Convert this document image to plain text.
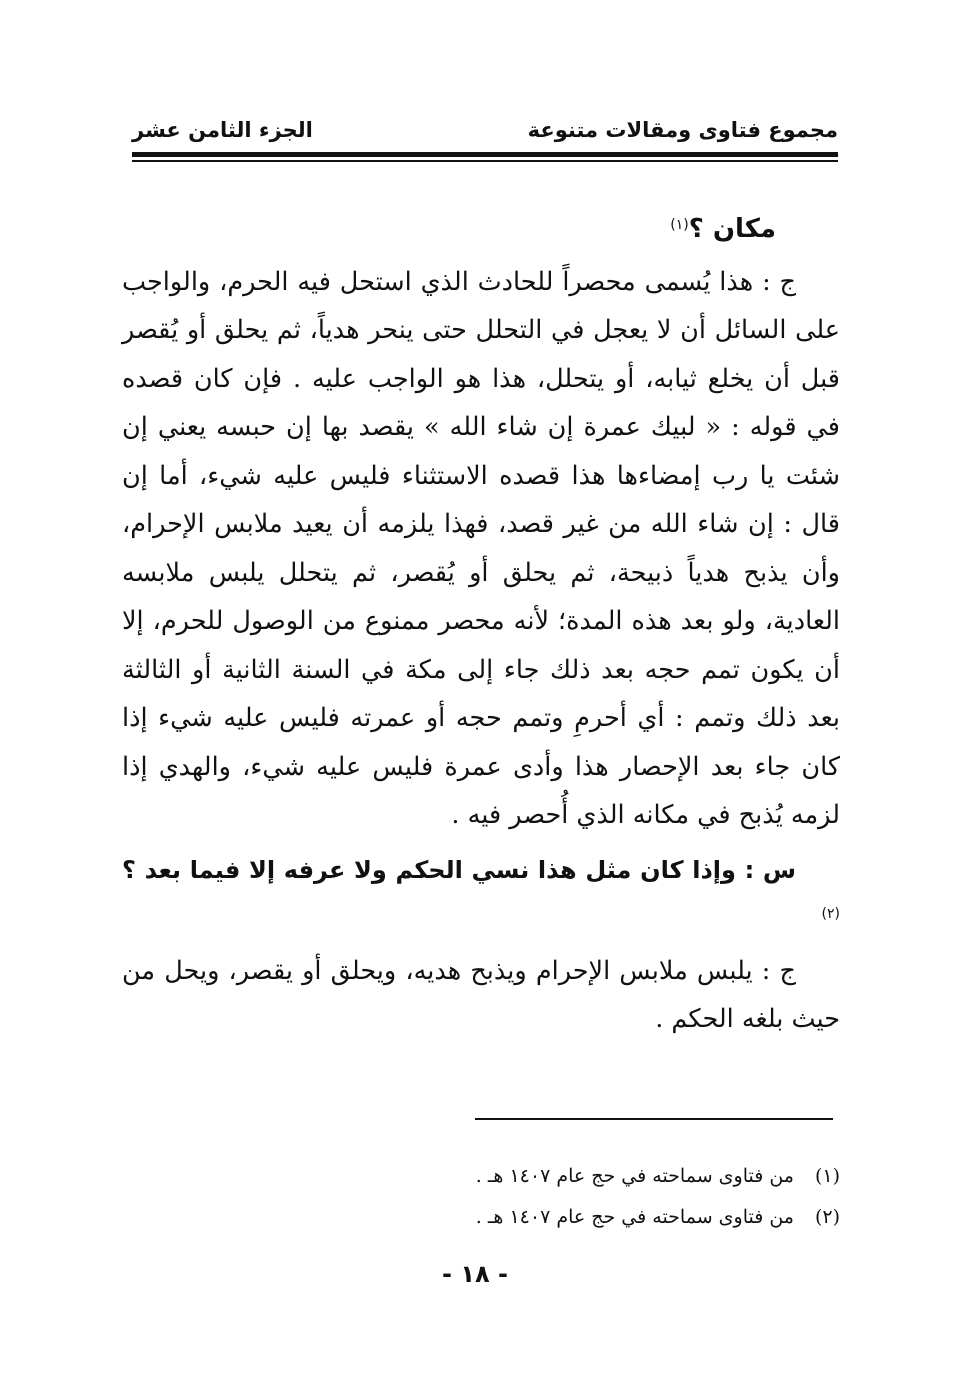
مجموع فتاوى ومقالات متنوعة
الجزء الثامن عشر

مكان ؟$^{(١)}$

ج : هذا يُسمى محصراً للحادث الذي استحل فيه الحرم، والواجب على السائل أن لا يعجل في التحلل حتى ينحر هدياً، ثم يحلق أو يُقصر قبل أن يخلع ثيابه، أو يتحلل، هذا هو الواجب عليه . فإن كان قصده في قوله : « لبيك عمرة إن شاء الله » يقصد بها إن حبسه يعني إن شئت يا رب إمضاءها هذا قصده الاستثناء فليس عليه شيء، أما إن قال : إن شاء الله من غير قصد، فهذا يلزمه أن يعيد ملابس الإحرام، وأن يذبح هدياً ذبيحة، ثم يحلق أو يُقصر، ثم يتحلل يلبس ملابسه العادية، ولو بعد هذه المدة؛ لأنه محصر ممنوع من الوصول للحرم، إلا أن يكون تمم حجه بعد ذلك جاء إلى مكة في السنة الثانية أو الثالثة بعد ذلك وتمم : أي أحرمِ وتمم حجه أو عمرته فليس عليه شيء إذا كان جاء بعد الإحصار هذا وأدى عمرة فليس عليه شيء، والهدي إذا لزمه يُذبح في مكانه الذي أُحصر فيه .

س : وإذا كان مثل هذا نسي الحكم ولا عرفه إلا فيما بعد ؟$^{(٢)}$

ج : يلبس ملابس الإحرام ويذبح هديه، ويحلق أو يقصر، ويحل من حيث بلغه الحكم .

(١)من فتاوى سماحته في حج عام ١٤٠٧ هـ .

(٢)من فتاوى سماحته في حج عام ١٤٠٧ هـ .

- ١٨ -
